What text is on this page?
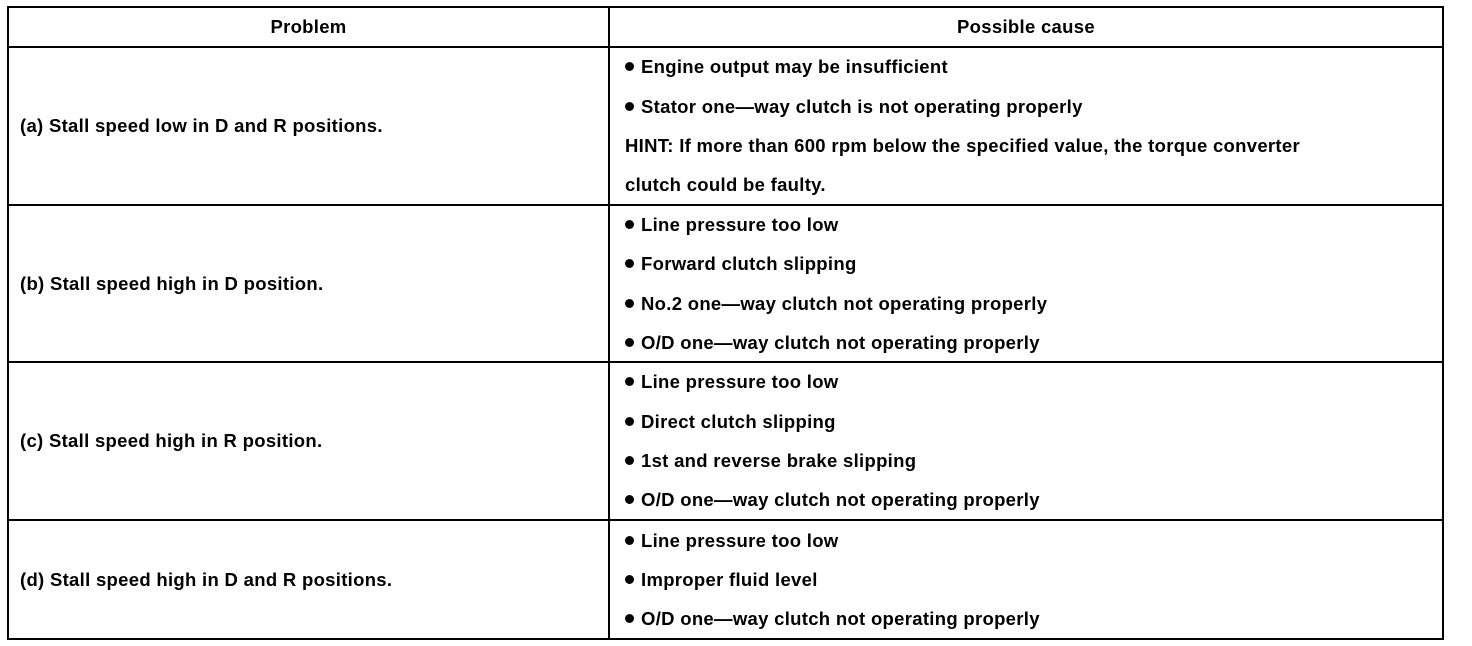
Problem	Possible cause
(a) Stall speed low in D and R positions.
Engine output may be insufficient
Stator one—way clutch is not operating properly
HINT: If more than 600 rpm below the specified value, the torque converter
clutch could be faulty.
(b) Stall speed high in D position.
Line pressure too low
Forward clutch slipping
No.2 one—way clutch not operating properly
O/D one—way clutch not operating properly
(c) Stall speed high in R position.
Line pressure too low
Direct clutch slipping
1st and reverse brake slipping
O/D one—way clutch not operating properly
(d) Stall speed high in D and R positions.
Line pressure too low
Improper fluid level
O/D one—way clutch not operating properly
